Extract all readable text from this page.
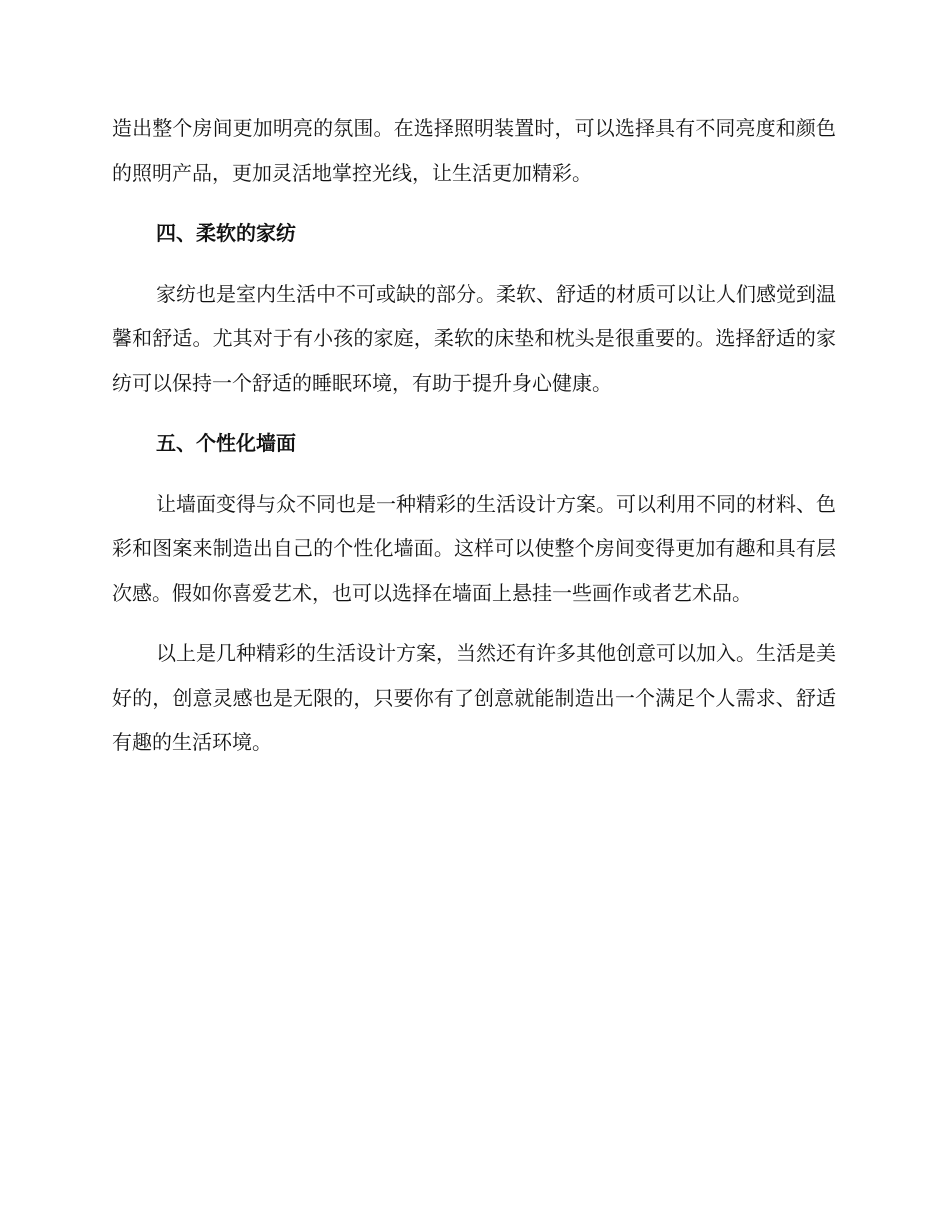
造出整个房间更加明亮的氛围。在选择照明装置时，可以选择具有不同亮度和颜色的照明产品，更加灵活地掌控光线，让生活更加精彩。

四、柔软的家纺

家纺也是室内生活中不可或缺的部分。柔软、舒适的材质可以让人们感觉到温馨和舒适。尤其对于有小孩的家庭，柔软的床垫和枕头是很重要的。选择舒适的家纺可以保持一个舒适的睡眠环境，有助于提升身心健康。

五、个性化墙面

让墙面变得与众不同也是一种精彩的生活设计方案。可以利用不同的材料、色彩和图案来制造出自己的个性化墙面。这样可以使整个房间变得更加有趣和具有层次感。假如你喜爱艺术，也可以选择在墙面上悬挂一些画作或者艺术品。

以上是几种精彩的生活设计方案，当然还有许多其他创意可以加入。生活是美好的，创意灵感也是无限的，只要你有了创意就能制造出一个满足个人需求、舒适有趣的生活环境。
